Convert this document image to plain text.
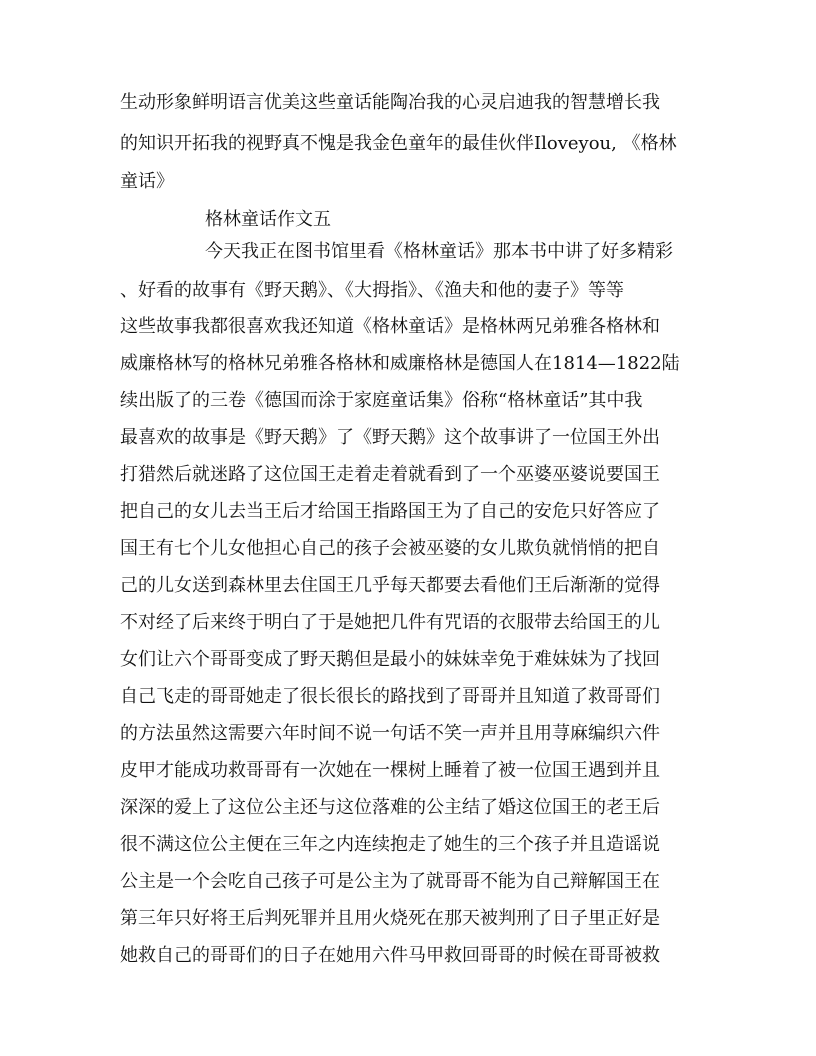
生动形象鲜明语言优美这些童话能陶冶我的心灵启迪我的智慧增长我
的知识开拓我的视野真不愧是我金色童年的最佳伙伴Iloveyou, 《格林
童话》
格林童话作文五
今天我正在图书馆里看《格林童话》那本书中讲了好多精彩
、好看的故事有《野天鹅》、《大拇指》、《渔夫和他的妻子》等等
这些故事我都很喜欢我还知道《格林童话》是格林两兄弟雅各格林和
威廉格林写的格林兄弟雅各格林和威廉格林是德国人在1814—1822陆
续出版了的三卷《德国而涂于家庭童话集》俗称“格林童话”其中我
最喜欢的故事是《野天鹅》了《野天鹅》这个故事讲了一位国王外出
打猎然后就迷路了这位国王走着走着就看到了一个巫婆巫婆说要国王
把自己的女儿去当王后才给国王指路国王为了自己的安危只好答应了
国王有七个儿女他担心自己的孩子会被巫婆的女儿欺负就悄悄的把自
己的儿女送到森林里去住国王几乎每天都要去看他们王后渐渐的觉得
不对经了后来终于明白了于是她把几件有咒语的衣服带去给国王的儿
女们让六个哥哥变成了野天鹅但是最小的妹妹幸免于难妹妹为了找回
自己飞走的哥哥她走了很长很长的路找到了哥哥并且知道了救哥哥们
的方法虽然这需要六年时间不说一句话不笑一声并且用荨麻编织六件
皮甲才能成功救哥哥有一次她在一棵树上睡着了被一位国王遇到并且
深深的爱上了这位公主还与这位落难的公主结了婚这位国王的老王后
很不满这位公主便在三年之内连续抱走了她生的三个孩子并且造谣说
公主是一个会吃自己孩子可是公主为了就哥哥不能为自己辩解国王在
第三年只好将王后判死罪并且用火烧死在那天被判刑了日子里正好是
她救自己的哥哥们的日子在她用六件马甲救回哥哥的时候在哥哥被救
